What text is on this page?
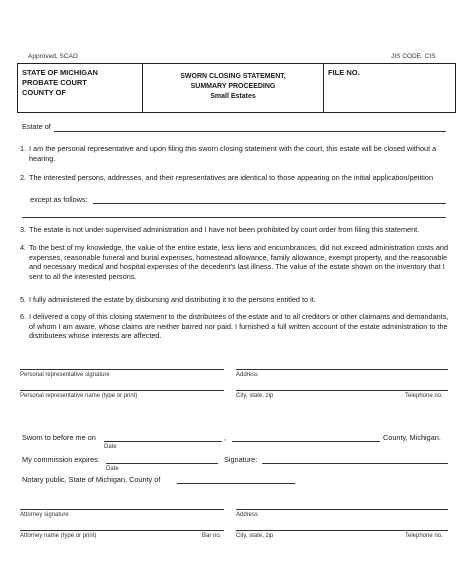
Approved, SCAO	JIS CODE: CIS
STATE OF MICHIGAN
PROBATE COURT
COUNTY OF
SWORN CLOSING STATEMENT,
SUMMARY PROCEEDING
Small Estates
FILE NO.
Estate of
1. I am the personal representative and upon filing this sworn closing statement with the court, this estate will be closed without a hearing.
2. The interested persons, addresses, and their representatives are identical to those appearing on the initial application/petition
except as follows:
3. The estate is not under supervised administration and I have not been prohibited by court order from filing this statement.
4. To the best of my knowledge, the value of the entire estate, less liens and encumbrances, did not exceed administration costs and expenses, reasonable funeral and burial expenses, homestead allowance, family allowance, exempt property, and the reasonable and necessary medical and hospital expenses of the decedent's last illness. The value of the estate shown on the inventory that I sent to all the interested persons.
5. I fully administered the estate by disbursing and distributing it to the persons entitled to it.
6. I delivered a copy of this closing statement to the distributees of the estate and to all creditors or other claimants and demandants, of whom I am aware, whose claims are neither barred nor paid. I furnished a full written account of the estate administration to the distributees whose interests are affected.
Personal representative signature	Address
Personal representative name (type or print)	City, state, zip	Telephone no.
Sworn to before me on	,	County, Michigan.
Date
My commission expires:
Date
Signature:
Notary public, State of Michigan, County of
Attorney signature	Address
Attorney name (type or print)	Bar no. City, state, zip	Telephone no.
